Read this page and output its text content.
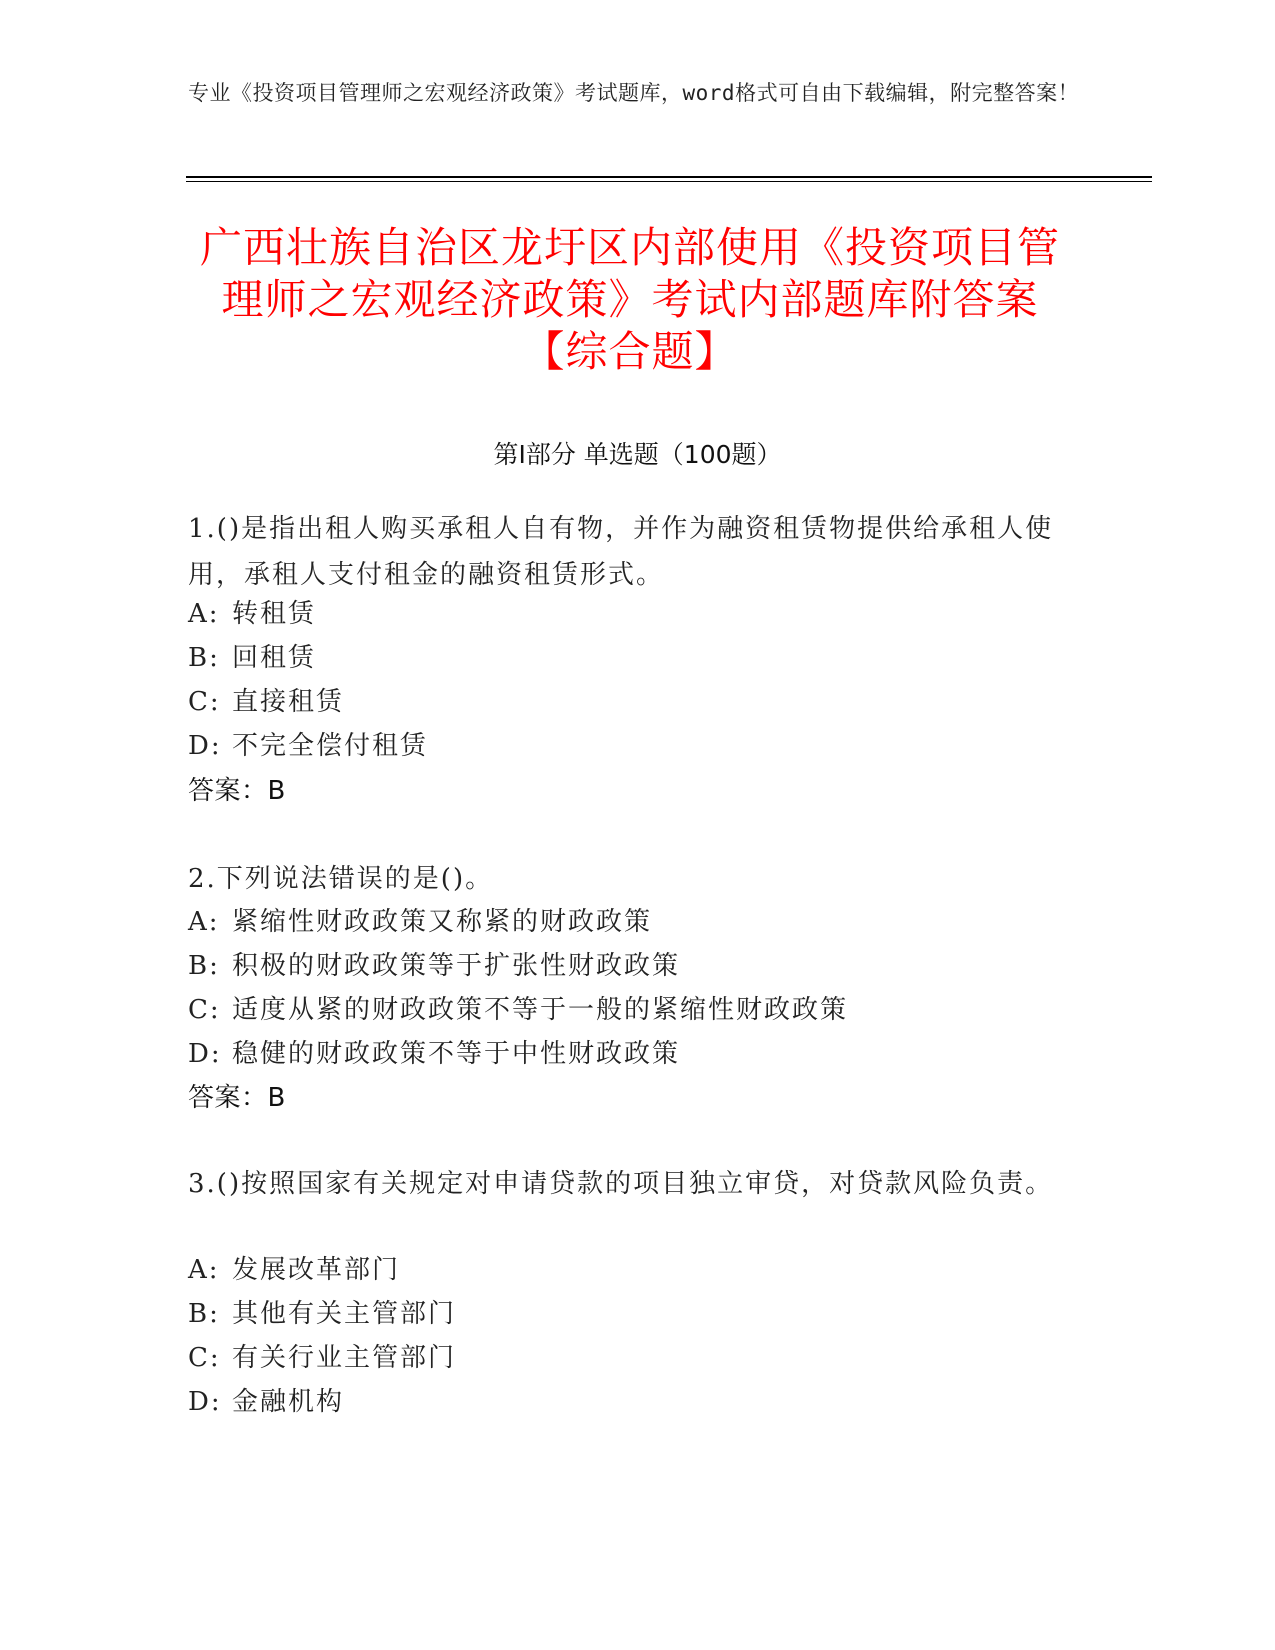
专业《投资项目管理师之宏观经济政策》考试题库，word格式可自由下载编辑，附完整答案！
广西壮族自治区龙圩区内部使用《投资项目管理师之宏观经济政策》考试内部题库附答案【综合题】
第Ⅰ部分 单选题（100题）
1.()是指出租人购买承租人自有物，并作为融资租赁物提供给承租人使用，承租人支付租金的融资租赁形式。
A: 转租赁
B: 回租赁
C: 直接租赁
D: 不完全偿付租赁
答案：B
2.下列说法错误的是()。
A: 紧缩性财政政策又称紧的财政政策
B: 积极的财政政策等于扩张性财政政策
C: 适度从紧的财政政策不等于一般的紧缩性财政政策
D: 稳健的财政政策不等于中性财政政策
答案：B
3.()按照国家有关规定对申请贷款的项目独立审贷，对贷款风险负责。
A: 发展改革部门
B: 其他有关主管部门
C: 有关行业主管部门
D: 金融机构
